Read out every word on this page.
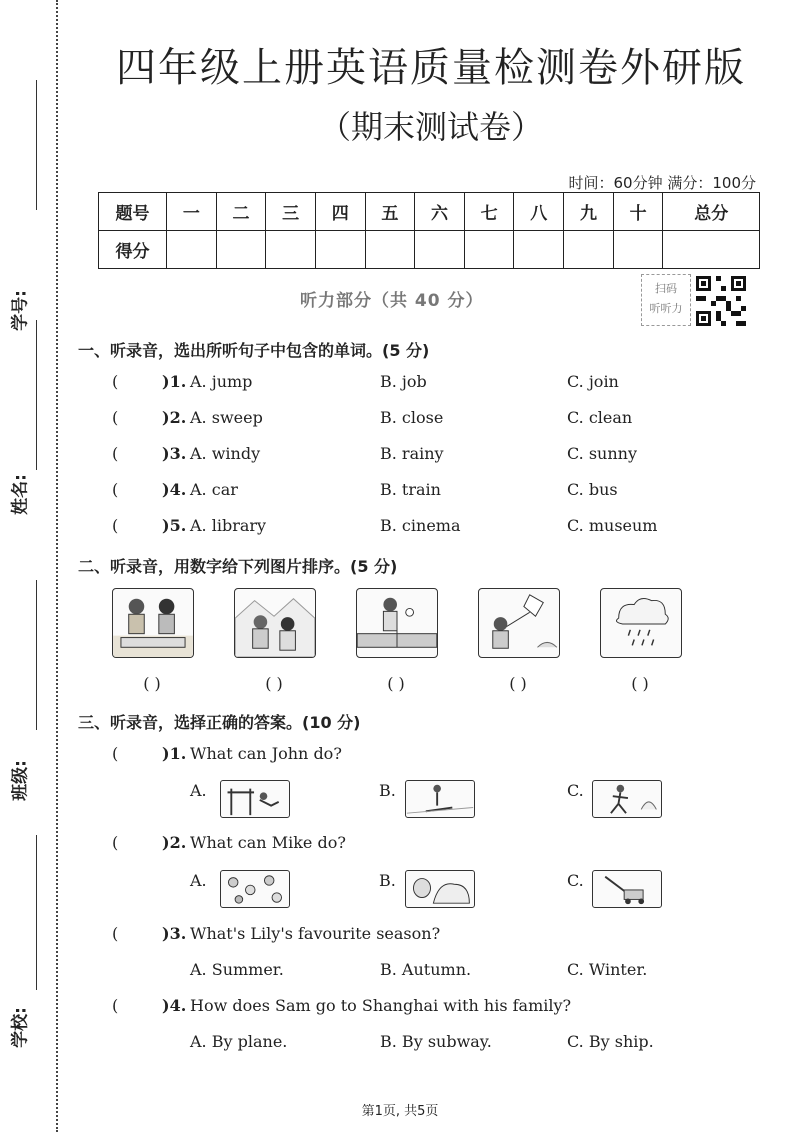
学号:
姓名:
班级:
学校:
四年级上册英语质量检测卷外研版
（期末测试卷）
时间：60分钟 满分：100分
题号	一	二	三	四	五	六	七	八	九	十	总分
得分											
听力部分（共 40 分）
扫码
听听力
一、听录音，选出所听句子中包含的单词。(5 分)
(	)1. A. jump	B. job	C. join
(	)2. A. sweep	B. close	C. clean
(	)3. A. windy	B. rainy	C. sunny
(	)4. A. car	B. train	C. bus
(	)5. A. library	B. cinema	C. museum
二、听录音，用数字给下列图片排序。(5 分)
( )	( )	( )	( )	( )
三、听录音，选择正确的答案。(10 分)
(	)1. What can John do?
A.	B.	C.
(	)2. What can Mike do?
A.	B.	C.
(	)3. What's Lily's favourite season?
A. Summer.	B. Autumn.	C. Winter.
(	)4. How does Sam go to Shanghai with his family?
A. By plane.	B. By subway.	C. By ship.
第1页, 共5页
